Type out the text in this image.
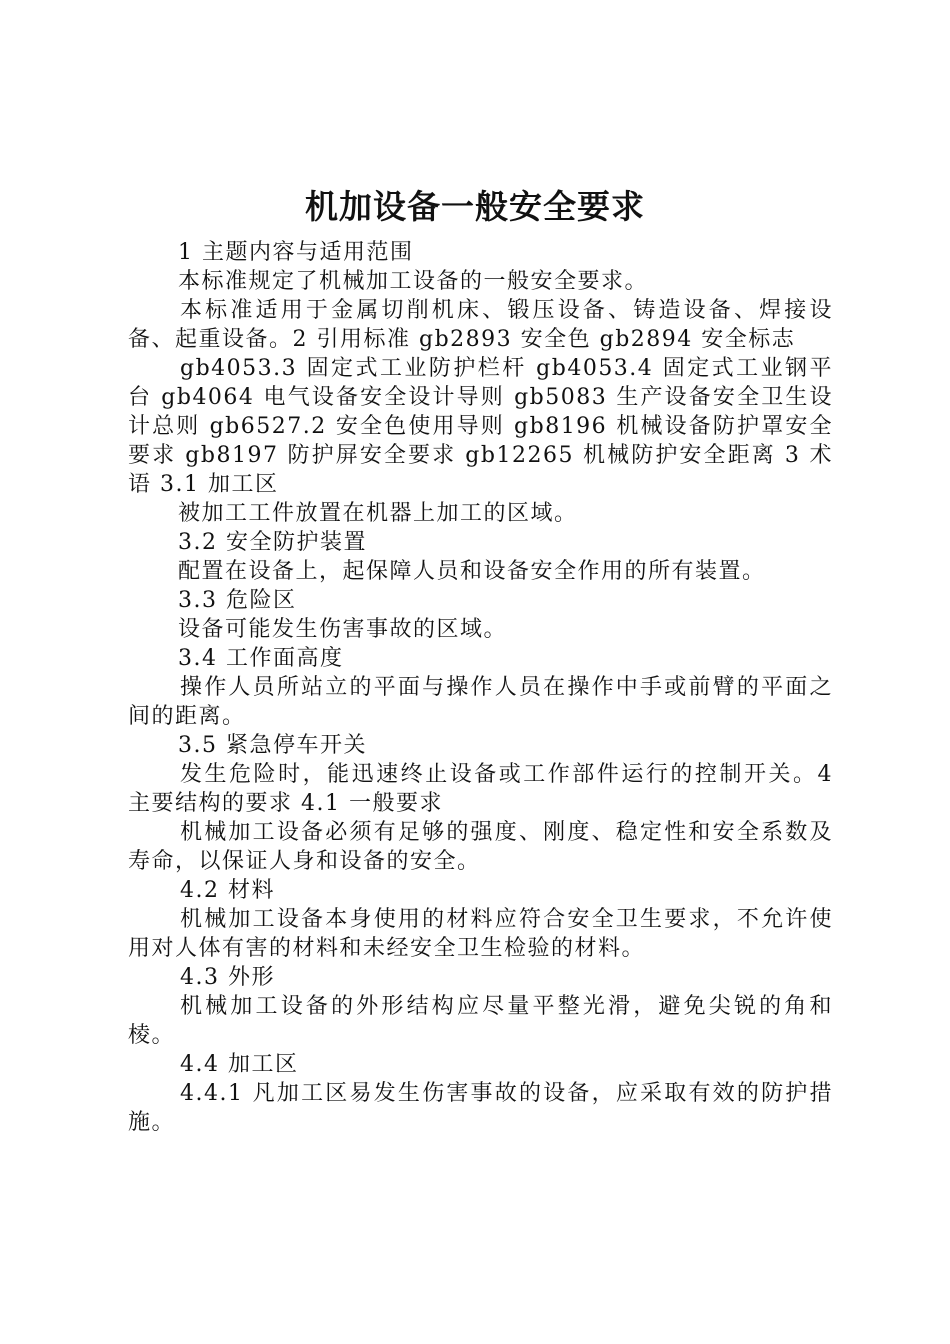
机加设备一般安全要求

1 主题内容与适用范围

本标准规定了机械加工设备的一般安全要求。

本标准适用于金属切削机床、锻压设备、铸造设备、焊接设备、起重设备。2 引用标准 gb2893 安全色 gb2894 安全标志

gb4053.3 固定式工业防护栏杆 gb4053.4 固定式工业钢平台 gb4064 电气设备安全设计导则 gb5083 生产设备安全卫生设计总则 gb6527.2 安全色使用导则 gb8196 机械设备防护罩安全要求 gb8197 防护屏安全要求 gb12265 机械防护安全距离 3 术语 3.1 加工区

被加工工件放置在机器上加工的区域。

3.2 安全防护装置

配置在设备上，起保障人员和设备安全作用的所有装置。

3.3 危险区

设备可能发生伤害事故的区域。

3.4 工作面高度

操作人员所站立的平面与操作人员在操作中手或前臂的平面之间的距离。

3.5 紧急停车开关

发生危险时，能迅速终止设备或工作部件运行的控制开关。4 主要结构的要求 4.1 一般要求

机械加工设备必须有足够的强度、刚度、稳定性和安全系数及寿命，以保证人身和设备的安全。

4.2 材料

机械加工设备本身使用的材料应符合安全卫生要求，不允许使用对人体有害的材料和未经安全卫生检验的材料。

4.3 外形

机械加工设备的外形结构应尽量平整光滑，避免尖锐的角和棱。

4.4 加工区

4.4.1 凡加工区易发生伤害事故的设备，应采取有效的防护措施。
